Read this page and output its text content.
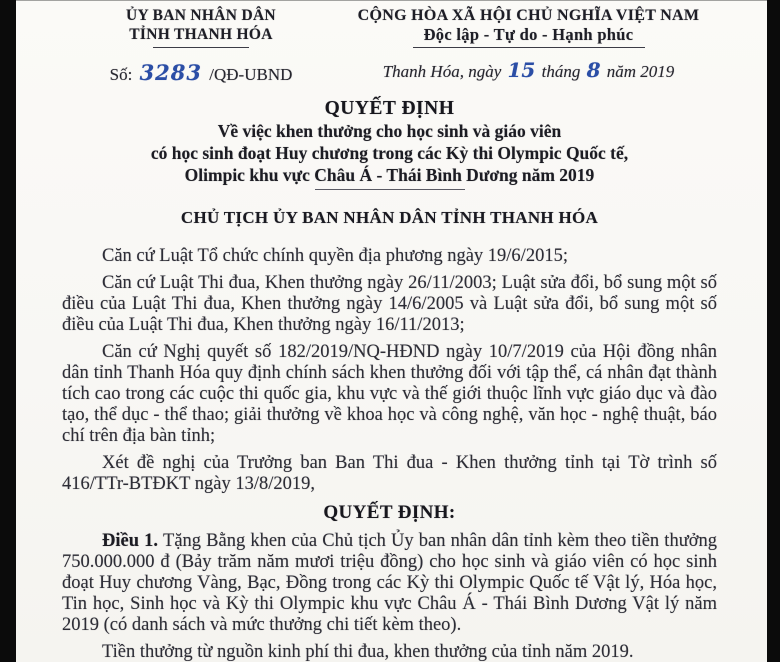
ỦY BAN NHÂN DÂN
TỈNH THANH HÓA
Số: 3283 /QĐ-UBND
CỘNG HÒA XÃ HỘI CHỦ NGHĨA VIỆT NAM
Độc lập - Tự do - Hạnh phúc
Thanh Hóa, ngày 15 tháng 8 năm 2019
QUYẾT ĐỊNH
Về việc khen thưởng cho học sinh và giáo viên
có học sinh đoạt Huy chương trong các Kỳ thi Olympic Quốc tế,
Olimpic khu vực Châu Á - Thái Bình Dương năm 2019
CHỦ TỊCH ỦY BAN NHÂN DÂN TỈNH THANH HÓA

Căn cứ Luật Tổ chức chính quyền địa phương ngày 19/6/2015;

Căn cứ Luật Thi đua, Khen thưởng ngày 26/11/2003; Luật sửa đổi, bổ sung một số điều của Luật Thi đua, Khen thưởng ngày 14/6/2005 và Luật sửa đổi, bổ sung một số điều của Luật Thi đua, Khen thưởng ngày 16/11/2013;

Căn cứ Nghị quyết số 182/2019/NQ-HĐND ngày 10/7/2019 của Hội đồng nhân dân tỉnh Thanh Hóa quy định chính sách khen thưởng đối với tập thể, cá nhân đạt thành tích cao trong các cuộc thi quốc gia, khu vực và thế giới thuộc lĩnh vực giáo dục và đào tạo, thể dục - thể thao; giải thưởng về khoa học và công nghệ, văn học - nghệ thuật, báo chí trên địa bàn tỉnh;

Xét đề nghị của Trưởng ban Ban Thi đua - Khen thưởng tỉnh tại Tờ trình số 416/TTr-BTĐKT ngày 13/8/2019,

QUYẾT ĐỊNH:

Điều 1. Tặng Bằng khen của Chủ tịch Ủy ban nhân dân tỉnh kèm theo tiền thưởng 750.000.000 đ (Bảy trăm năm mươi triệu đồng) cho học sinh và giáo viên có học sinh đoạt Huy chương Vàng, Bạc, Đồng trong các Kỳ thi Olympic Quốc tế Vật lý, Hóa học, Tin học, Sinh học và Kỳ thi Olympic khu vực Châu Á - Thái Bình Dương Vật lý năm 2019 (có danh sách và mức thưởng chi tiết kèm theo).

Tiền thưởng từ nguồn kinh phí thi đua, khen thưởng của tỉnh năm 2019.
